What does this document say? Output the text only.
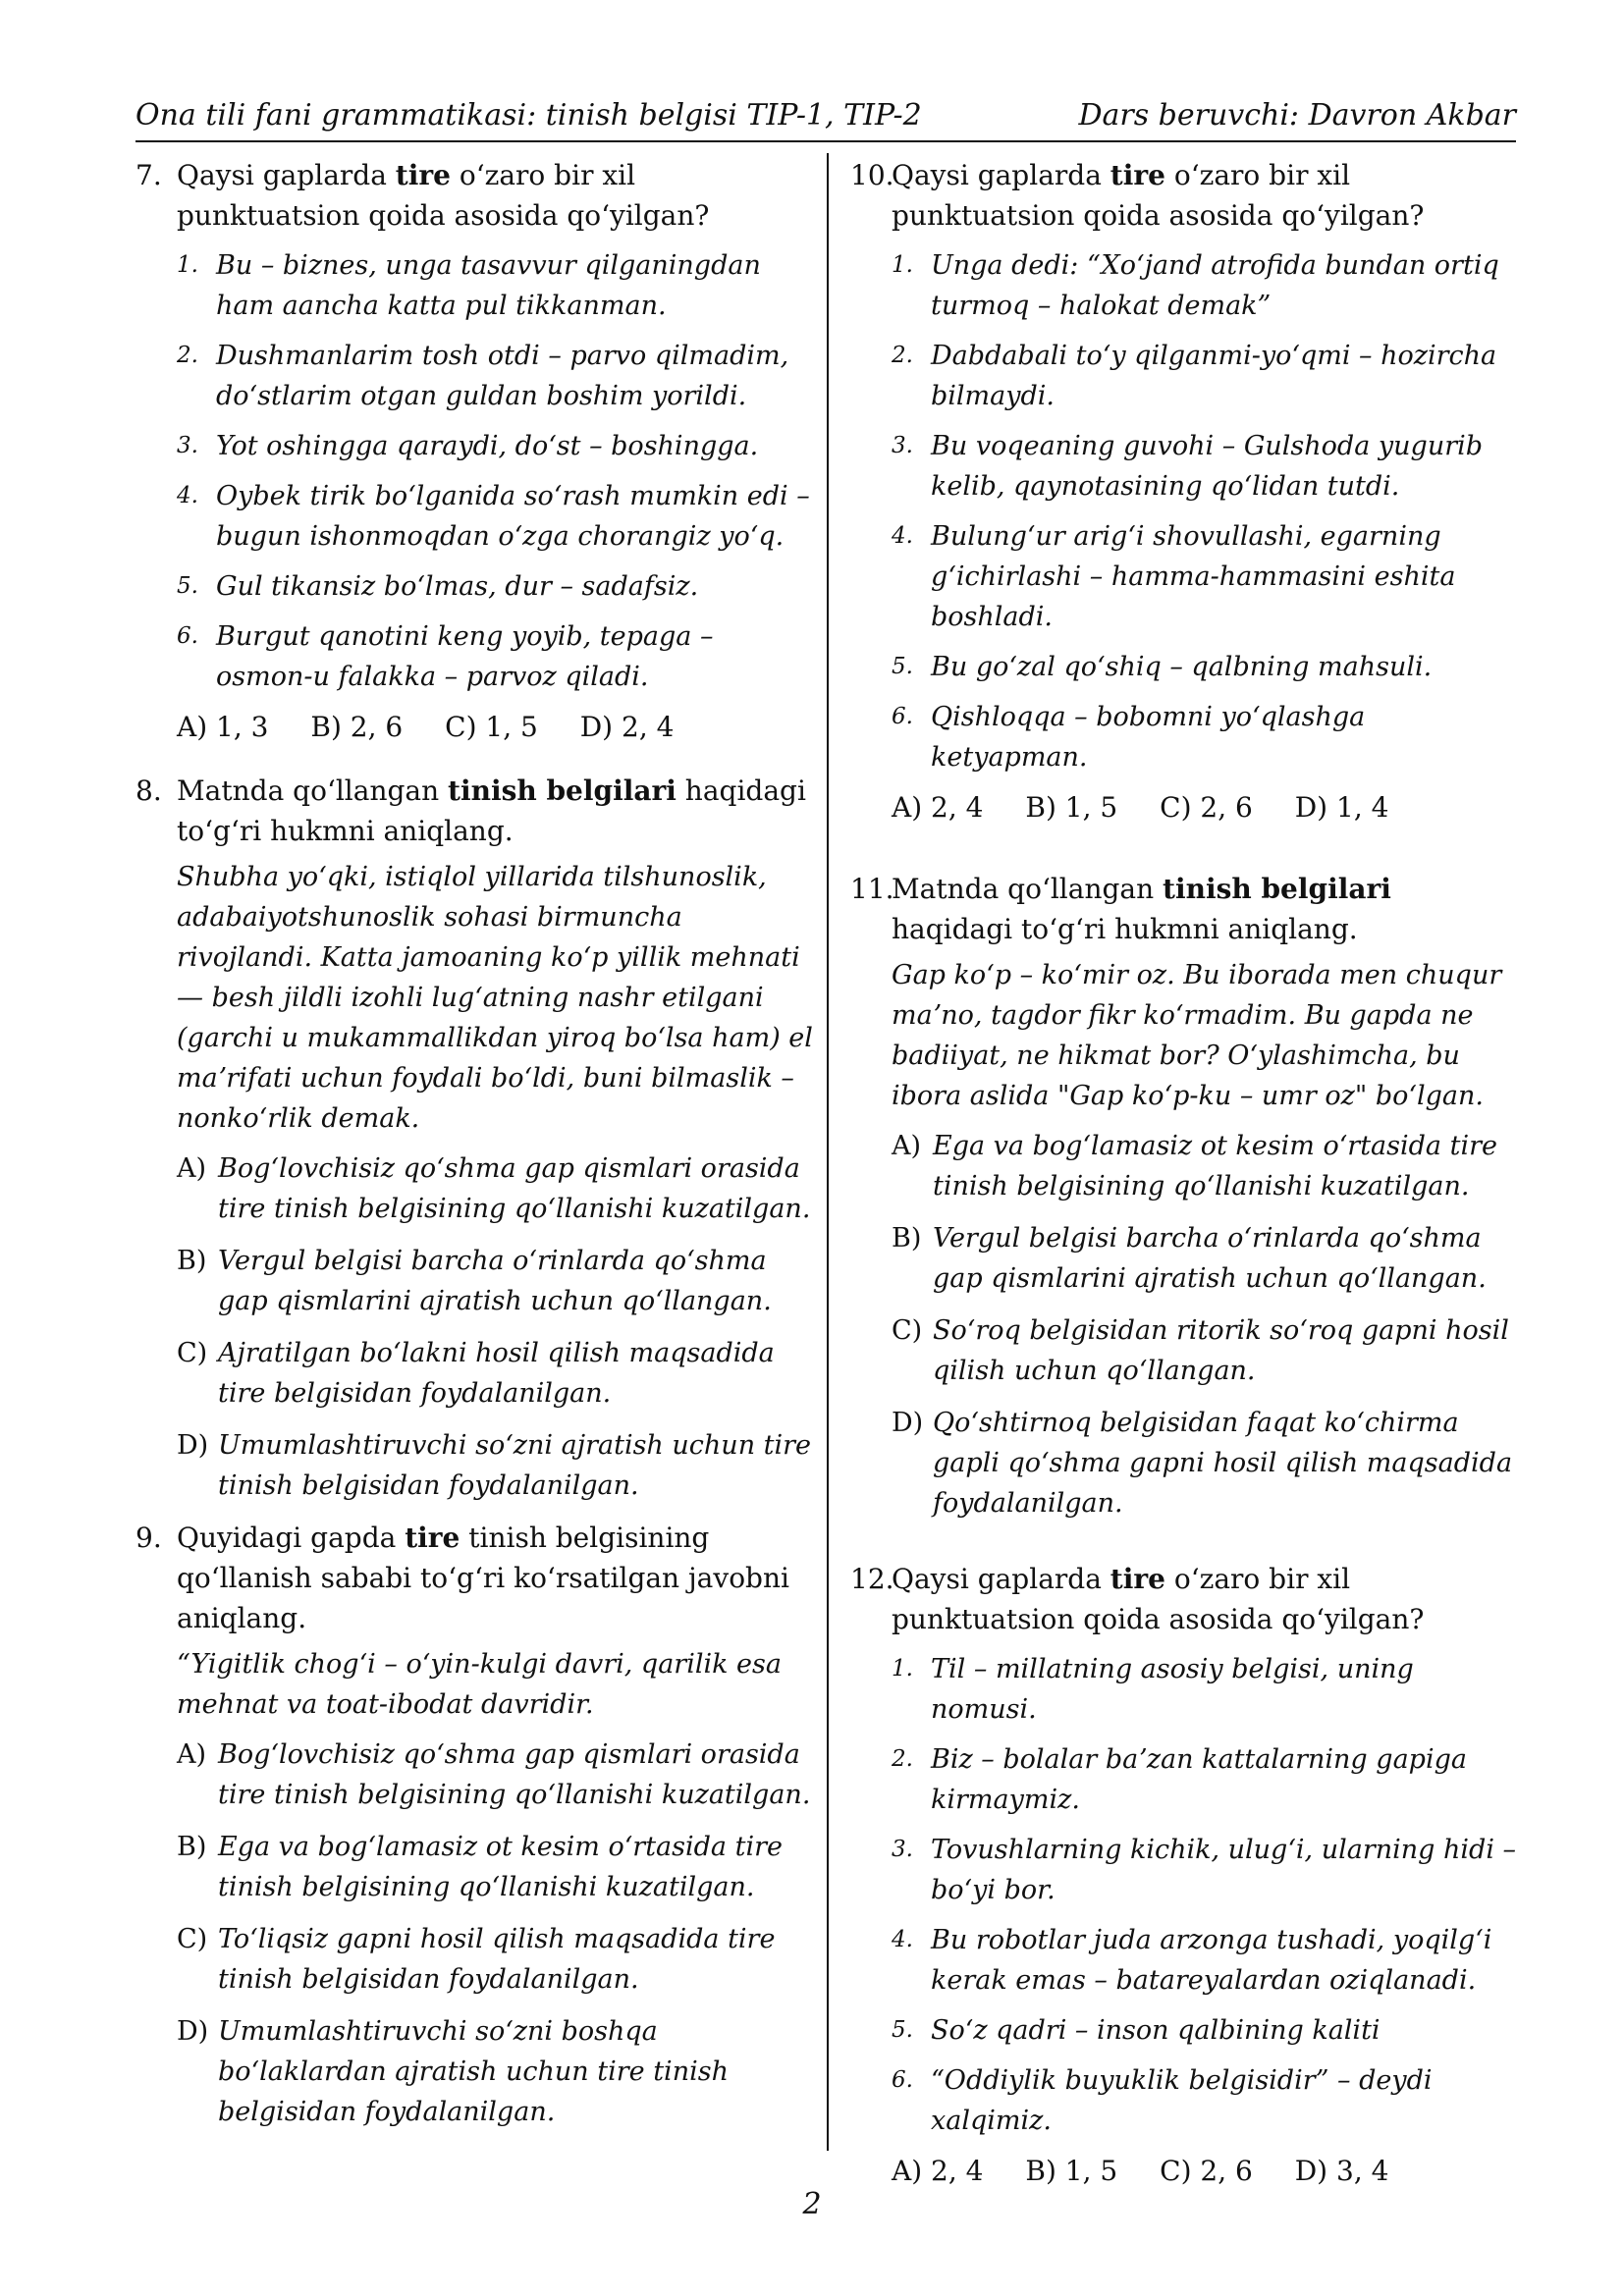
Ona tili fani grammatikasi: tinish belgisi TIP-1, TIP-2	Dars beruvchi: Davron Akbar
7. Qaysi gaplarda tire oʻzaro bir xil punktuatsion qoida asosida qoʻyilgan?
1. Bu – biznes, unga tasavvur qilganingdan ham aancha katta pul tikkanman.
2. Dushmanlarim tosh otdi – parvo qilmadim, doʻstlarim otgan guldan boshim yorildi.
3. Yot oshingga qaraydi, doʻst – boshingga.
4. Oybek tirik boʻlganida soʻrash mumkin edi – bugun ishonmoqdan oʻzga chorangiz yoʻq.
5. Gul tikansiz boʻlmas, dur – sadafsiz.
6. Burgut qanotini keng yoyib, tepaga – osmon-u falakka – parvoz qiladi.
A) 1, 3 B) 2, 6 C) 1, 5 D) 2, 4
8. Matnda qoʻllangan tinish belgilari haqidagi toʻgʻri hukmni aniqlang.
Shubha yoʻqki, istiqlol yillarida tilshunoslik, adabaiyotshunoslik sohasi birmuncha rivojlandi. Katta jamoaning koʻp yillik mehnati — besh jildli izohli lugʻatning nashr etilgani (garchi u mukammallikdan yiroq boʻlsa ham) el maʼrifati uchun foydali boʻldi, buni bilmaslik – nonkoʻrlik demak.
A) Bogʻlovchisiz qoʻshma gap qismlari orasida tire tinish belgisining qoʻllanishi kuzatilgan.
B) Vergul belgisi barcha oʻrinlarda qoʻshma gap qismlarini ajratish uchun qoʻllangan.
C) Ajratilgan boʻlakni hosil qilish maqsadida tire belgisidan foydalanilgan.
D) Umumlashtiruvchi soʻzni ajratish uchun tire tinish belgisidan foydalanilgan.
9. Quyidagi gapda tire tinish belgisining qoʻllanish sababi toʻgʻri koʻrsatilgan javobni aniqlang.
“Yigitlik chogʻi – oʻyin-kulgi davri, qarilik esa mehnat va toat-ibodat davridir.
A) Bogʻlovchisiz qoʻshma gap qismlari orasida tire tinish belgisining qoʻllanishi kuzatilgan.
B) Ega va bogʻlamasiz ot kesim oʻrtasida tire tinish belgisining qoʻllanishi kuzatilgan.
C) Toʻliqsiz gapni hosil qilish maqsadida tire tinish belgisidan foydalanilgan.
D) Umumlashtiruvchi soʻzni boshqa boʻlaklardan ajratish uchun tire tinish belgisidan foydalanilgan.
10.
Qaysi gaplarda tire oʻzaro bir xil punktuatsion qoida asosida qoʻyilgan?
1. Unga dedi: “Xoʻjand atrofida bundan ortiq turmoq – halokat demak”
2. Dabdabali toʻy qilganmi-yoʻqmi – hozircha bilmaydi.
3. Bu voqeaning guvohi – Gulshoda yugurib kelib, qaynotasining qoʻlidan tutdi.
4. Bulungʻur arigʻi shovullashi, egarning gʻichirlashi – hamma-hammasini eshita boshladi.
5. Bu goʻzal qoʻshiq – qalbning mahsuli.
6. Qishloqqa – bobomni yoʻqlashga ketyapman.
A) 2, 4 B) 1, 5 C) 2, 6 D) 1, 4
11.
Matnda qoʻllangan tinish belgilari haqidagi toʻgʻri hukmni aniqlang.
Gap koʻp – koʻmir oz. Bu iborada men chuqur maʼno, tagdor fikr koʻrmadim. Bu gapda ne badiiyat, ne hikmat bor? Oʻylashimcha, bu ibora aslida "Gap koʻp-ku – umr oz" boʻlgan.
A) Ega va bogʻlamasiz ot kesim oʻrtasida tire tinish belgisining qoʻllanishi kuzatilgan.
B) Vergul belgisi barcha oʻrinlarda qoʻshma gap qismlarini ajratish uchun qoʻllangan.
C) Soʻroq belgisidan ritorik soʻroq gapni hosil qilish uchun qoʻllangan.
D) Qoʻshtirnoq belgisidan faqat koʻchirma gapli qoʻshma gapni hosil qilish maqsadida foydalanilgan.
12.
Qaysi gaplarda tire oʻzaro bir xil punktuatsion qoida asosida qoʻyilgan?
1. Til – millatning asosiy belgisi, uning nomusi.
2. Biz – bolalar baʼzan kattalarning gapiga kirmaymiz.
3. Tovushlarning kichik, ulugʻi, ularning hidi – boʻyi bor.
4. Bu robotlar juda arzonga tushadi, yoqilgʻi kerak emas – batareyalardan oziqlanadi.
5. Soʻz qadri – inson qalbining kaliti
6. “Oddiylik buyuklik belgisidir” – deydi xalqimiz.
A) 2, 4 B) 1, 5 C) 2, 6 D) 3, 4
2
